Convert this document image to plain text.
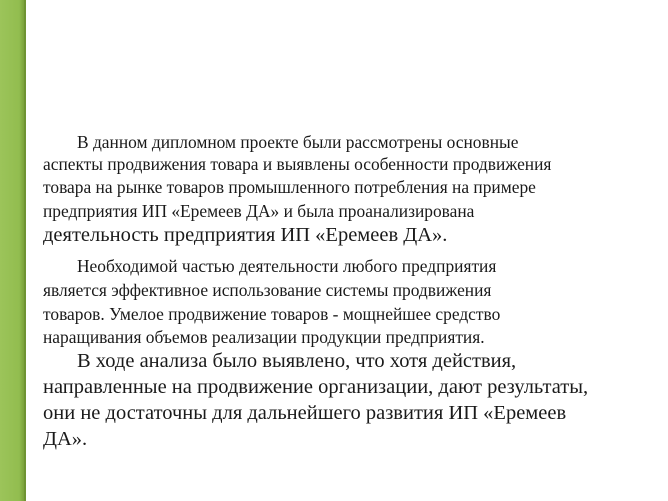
В данном дипломном проекте были рассмотрены основные
аспекты продвижения товара и выявлены особенности продвижения
товара на рынке товаров промышленного потребления на примере
предприятия ИП «Еремеев ДА» и была проанализирована
деятельность предприятия ИП «Еремеев ДА».
Необходимой частью деятельности любого предприятия
является эффективное использование системы продвижения
товаров. Умелое продвижение товаров - мощнейшее средство
наращивания объемов реализации продукции предприятия.
В ходе анализа было выявлено, что хотя действия,
направленные на продвижение организации, дают результаты,
они не достаточны для дальнейшего развития ИП «Еремеев
ДА».
